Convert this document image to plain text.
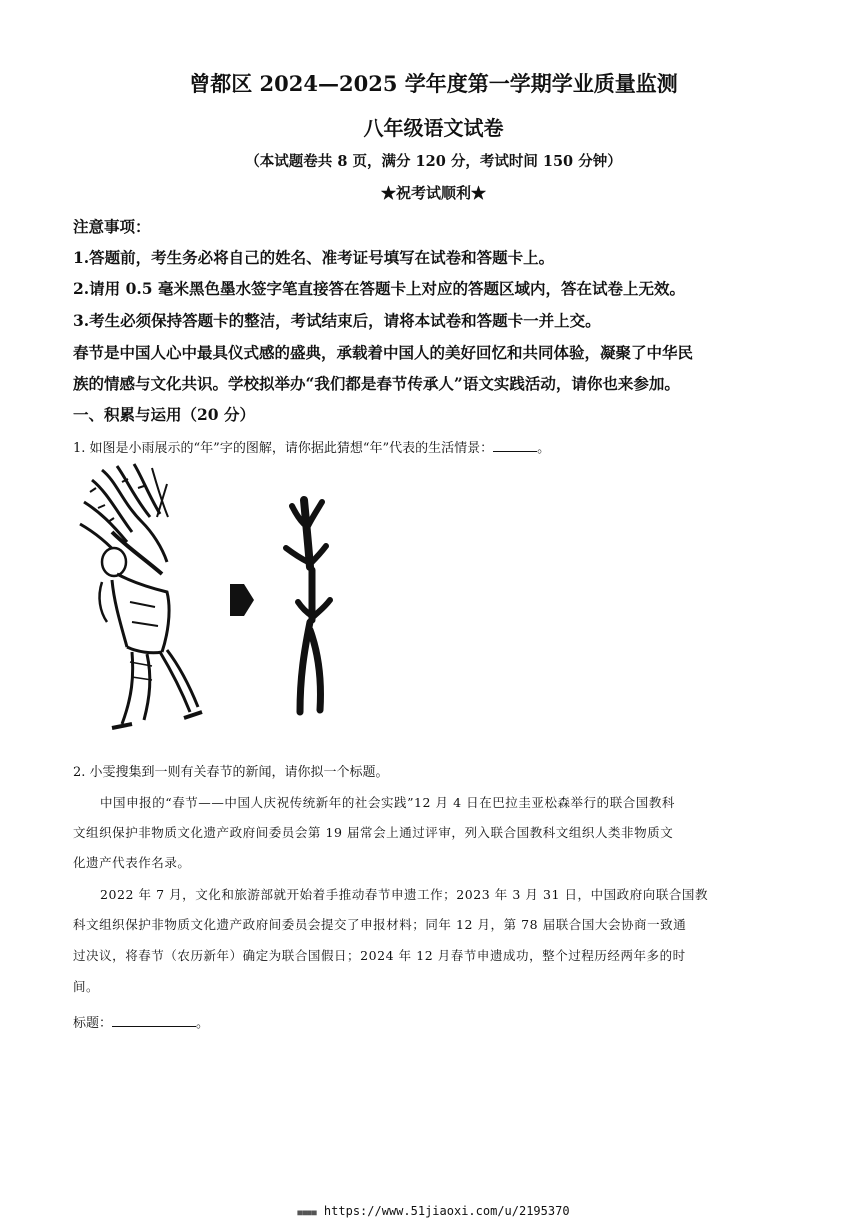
曾都区 2024—2025 学年度第一学期学业质量监测
八年级语文试卷
（本试题卷共 8 页，满分 120 分，考试时间 150 分钟）
★祝考试顺利★
注意事项：
1.答题前，考生务必将自己的姓名、准考证号填写在试卷和答题卡上。
2.请用 0.5 毫米黑色墨水签字笔直接答在答题卡上对应的答题区域内，答在试卷上无效。
3.考生必须保持答题卡的整洁，考试结束后，请将本试卷和答题卡一并上交。
春节是中国人心中最具仪式感的盛典，承载着中国人的美好回忆和共同体验，凝聚了中华民
族的情感与文化共识。学校拟举办“我们都是春节传承人”语文实践活动，请你也来参加。
一、积累与运用（20 分）
1. 如图是小雨展示的“年”字的图解，请你据此猜想“年”代表的生活情景：	。
2. 小雯搜集到一则有关春节的新闻，请你拟一个标题。
中国申报的“春节——中国人庆祝传统新年的社会实践”12 月 4 日在巴拉圭亚松森举行的联合国教科
文组织保护非物质文化遗产政府间委员会第 19 届常会上通过评审，列入联合国教科文组织人类非物质文
化遗产代表作名录。
2022 年 7 月，文化和旅游部就开始着手推动春节申遗工作；2023 年 3 月 31 日，中国政府向联合国教
科文组织保护非物质文化遗产政府间委员会提交了申报材料；同年 12 月，第 78 届联合国大会协商一致通
过决议，将春节（农历新年）确定为联合国假日；2024 年 12 月春节申遗成功，整个过程历经两年多的时
间。
标题：	。
■■■■ https://www.51jiaoxi.com/u/2195370
